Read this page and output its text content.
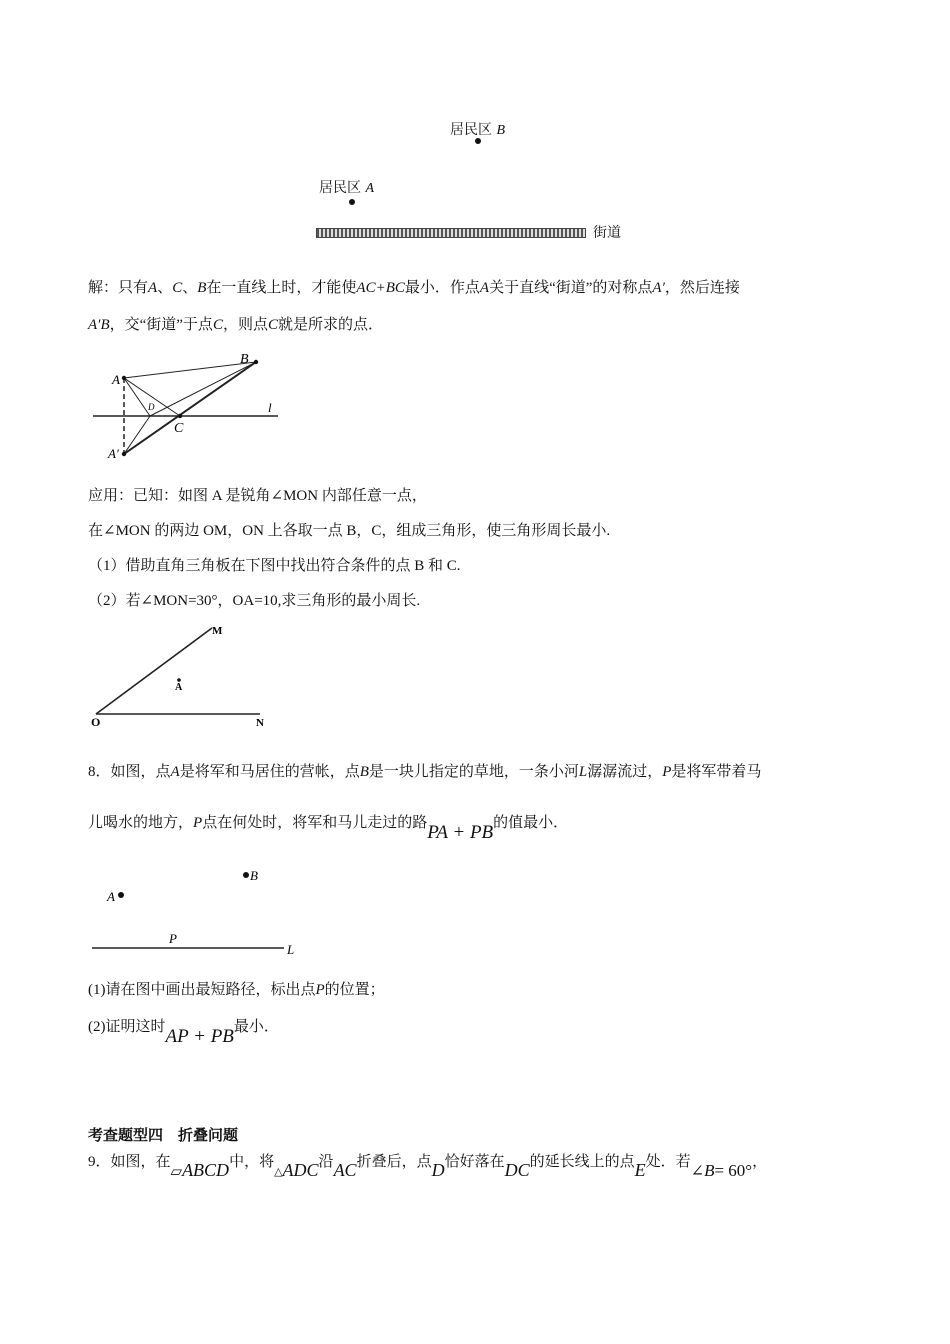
居民区 B
居民区 A
街道
解：只有A、C、B在一直线上时，才能使AC+BC最小．作点A关于直线“街道”的对称点A′，然后连接
A′B，交“街道”于点C，则点C就是所求的点．
A
B
D
C
A′
l
应用：已知：如图 A 是锐角∠MON 内部任意一点，
在∠MON 的两边 OM，ON 上各取一点 B，C，组成三角形，使三角形周长最小.
（1）借助直角三角板在下图中找出符合条件的点 B 和 C.
（2）若∠MON=30°，OA=10,求三角形的最小周长.
M
A
O	N
8．如图，点A是将军和马居住的营帐，点B是一块儿指定的草地，一条小河L潺潺流过，P是将军带着马
儿喝水的地方，P点在何处时，将军和马儿走过的路PA + PB的值最小．
A
B
P
L
(1)请在图中画出最短路径，标出点P的位置；
(2)证明这时AP + PB最小．
考查题型四　折叠问题
9．如图，在▱ABCD中，将$_\triangle$ADC沿AC折叠后，点D恰好落在DC的延长线上的点E处．若∠B= 60°，
